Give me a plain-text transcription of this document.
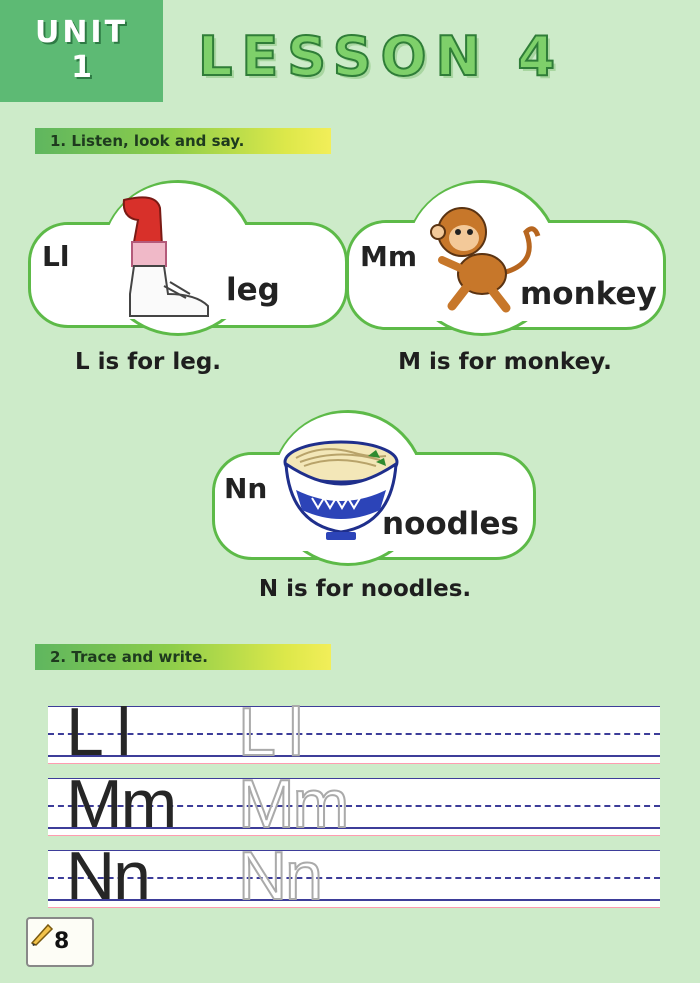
UNIT
1	LESSON 4
1. Listen, look and say.
Ll
leg
L is for leg.
Mm
monkey
M is for monkey.
Nn
noodles
N is for noodles.
2. Trace and write.
L l L l
Mm Mm
Nn Nn
8
